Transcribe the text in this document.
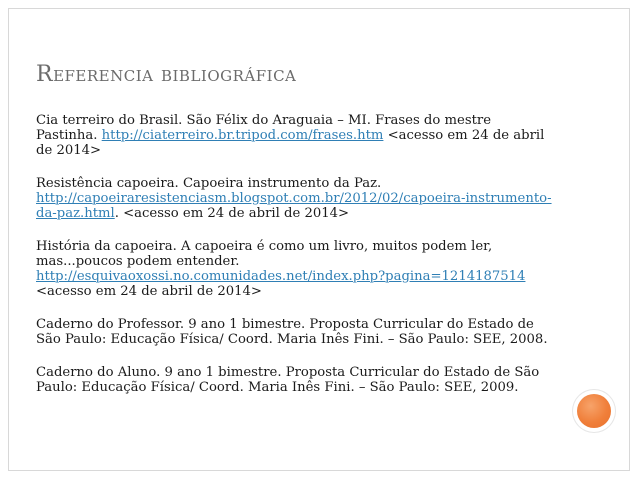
Referencia bibliográfica
Cia terreiro do Brasil. São Félix do Araguaia – MI. Frases do mestre Pastinha. http://ciaterreiro.br.tripod.com/frases.htm <acesso em 24 de abril de 2014>
Resistência capoeira. Capoeira instrumento da Paz. http://capoeiraresistenciasm.blogspot.com.br/2012/02/capoeira-instrumento-da-paz.html. <acesso em 24 de abril de 2014>
História da capoeira. A capoeira é como um livro, muitos podem ler, mas...poucos podem entender. http://esquivaoxossi.no.comunidades.net/index.php?pagina=1214187514 <acesso em 24 de abril de 2014>
Caderno do Professor. 9 ano 1 bimestre. Proposta Curricular do Estado de São Paulo: Educação Física/ Coord. Maria Inês Fini. – São Paulo: SEE, 2008.
Caderno do Aluno. 9 ano 1 bimestre. Proposta Curricular do Estado de São Paulo: Educação Física/ Coord. Maria Inês Fini. – São Paulo: SEE, 2009.
